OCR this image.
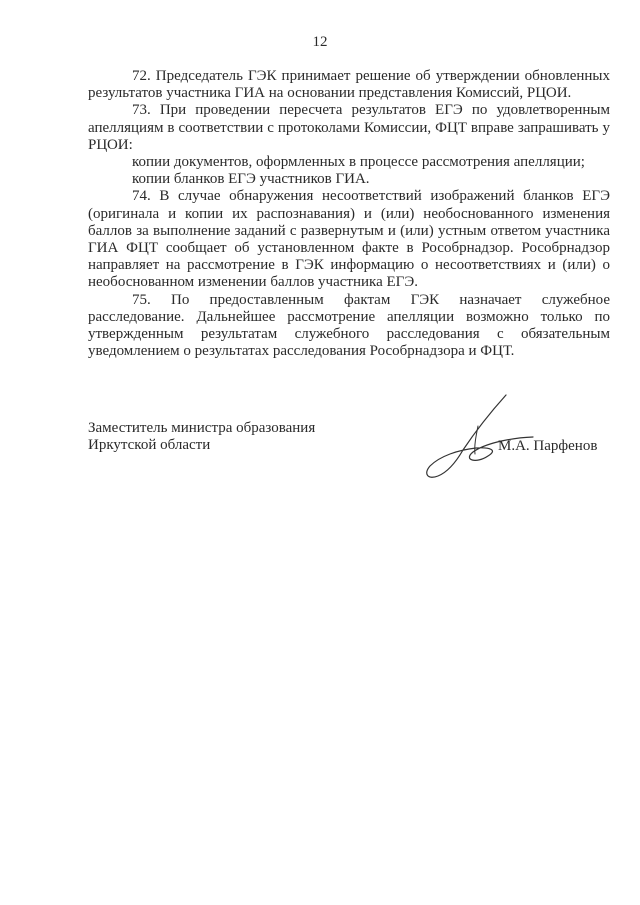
12

72. Председатель ГЭК принимает решение об утверждении обновленных результатов участника ГИА на основании представления Комиссий, РЦОИ.

73. При проведении пересчета результатов ЕГЭ по удовлетворенным апелляциям в соответствии с протоколами Комиссии, ФЦТ вправе запрашивать у РЦОИ:

копии документов, оформленных в процессе рассмотрения апелляции;

копии бланков ЕГЭ участников ГИА.

74. В случае обнаружения несоответствий изображений бланков ЕГЭ (оригинала и копии их распознавания) и (или) необоснованного изменения баллов за выполнение заданий с развернутым и (или) устным ответом участника ГИА ФЦТ сообщает об установленном факте в Рособрнадзор. Рособрнадзор направляет на рассмотрение в ГЭК информацию о несоответствиях и (или) о необоснованном изменении баллов участника ЕГЭ.

75. По предоставленным фактам ГЭК назначает служебное расследование. Дальнейшее рассмотрение апелляции возможно только по утвержденным результатам служебного расследования с обязательным уведомлением о результатах расследования Рособрнадзора и ФЦТ.

Заместитель министра образования
Иркутской области	М.А. Парфенов
